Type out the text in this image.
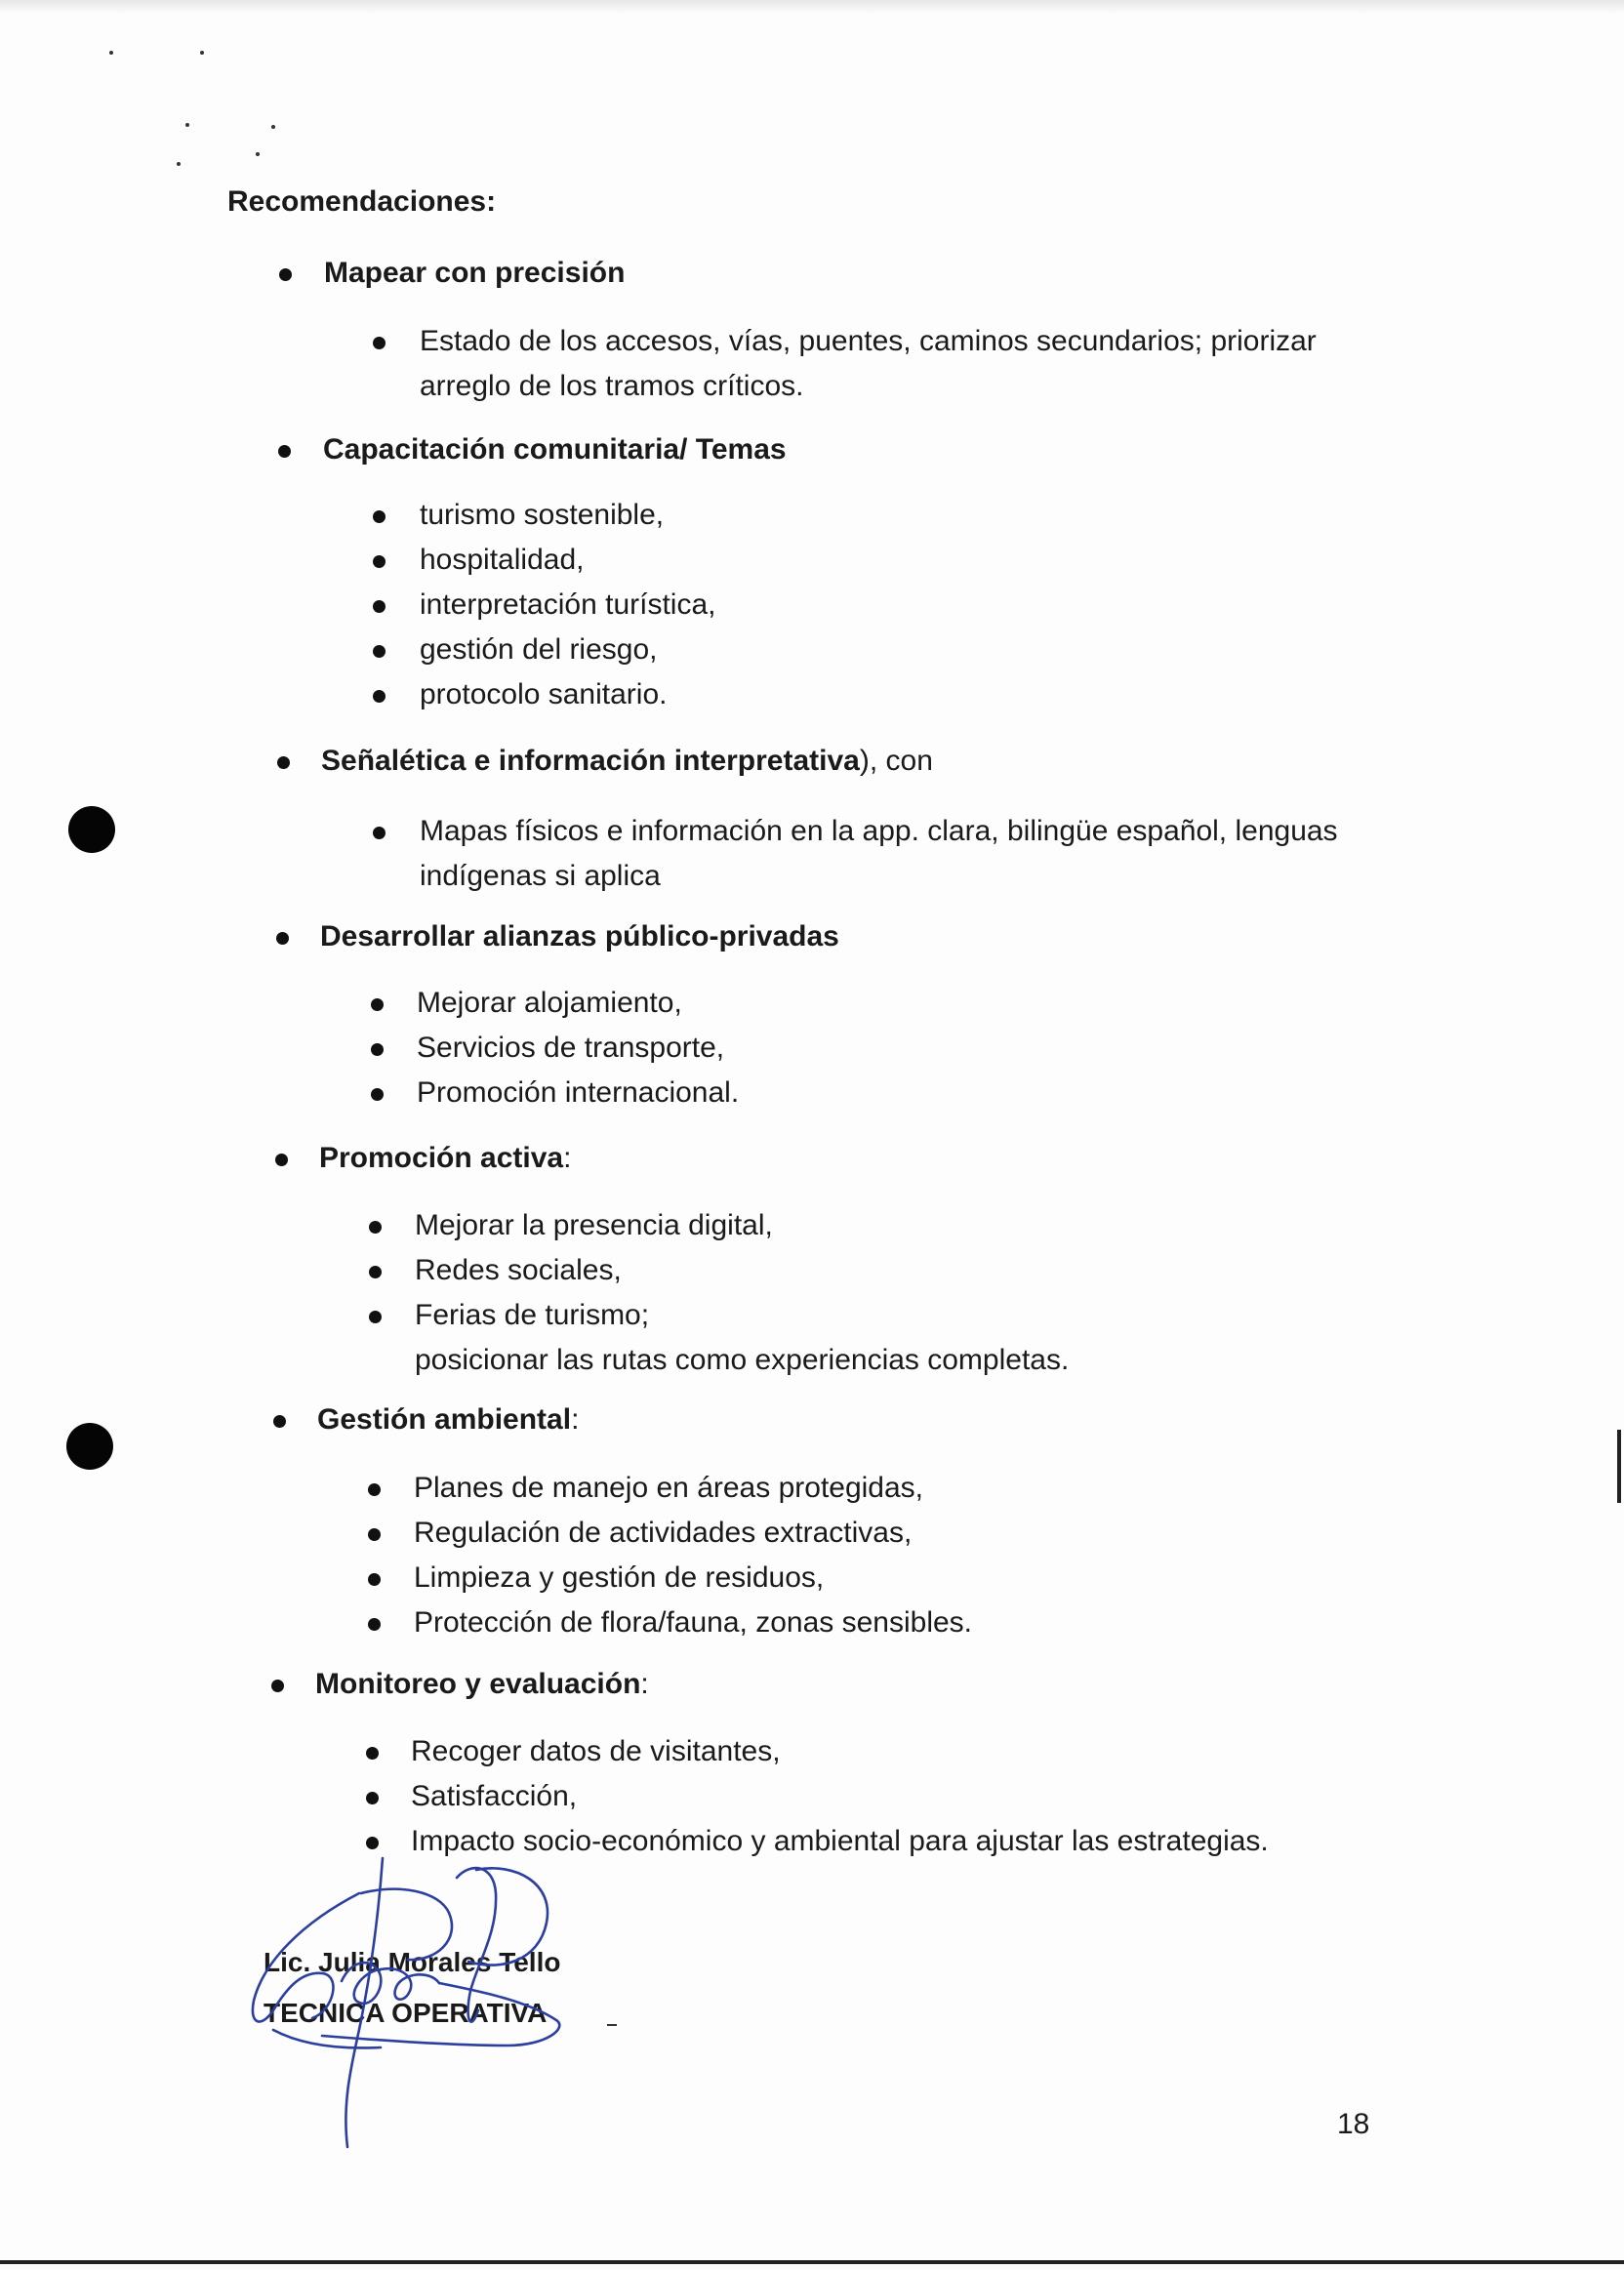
Recomendaciones:
Mapear con precisión
Estado de los accesos, vías, puentes, caminos secundarios; priorizar
arreglo de los tramos críticos.
Capacitación comunitaria/ Temas
turismo sostenible,
hospitalidad,
interpretación turística,
gestión del riesgo,
protocolo sanitario.
Señalética e información interpretativa), con
Mapas físicos e información en la app. clara, bilingüe español, lenguas
indígenas si aplica
Desarrollar alianzas público-privadas
Mejorar alojamiento,
Servicios de transporte,
Promoción internacional.
Promoción activa:
Mejorar la presencia digital,
Redes sociales,
Ferias de turismo;
posicionar las rutas como experiencias completas.
Gestión ambiental:
Planes de manejo en áreas protegidas,
Regulación de actividades extractivas,
Limpieza y gestión de residuos,
Protección de flora/fauna, zonas sensibles.
Monitoreo y evaluación:
Recoger datos de visitantes,
Satisfacción,
Impacto socio-económico y ambiental para ajustar las estrategias.
Lic. Julia Morales Tello
TECNICA OPERATIVA
18
